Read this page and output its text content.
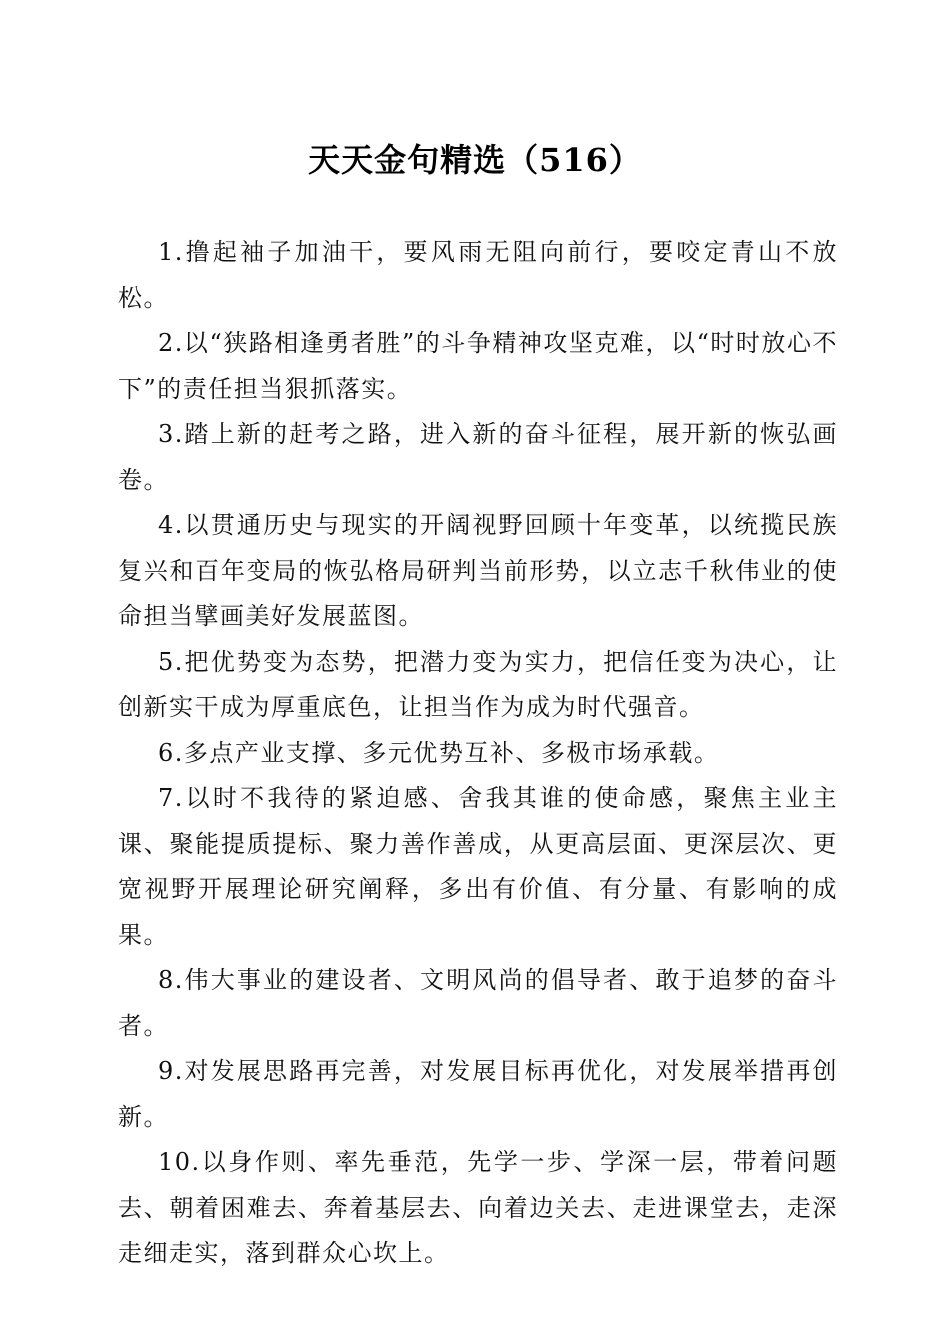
天天金句精选（516）

1.撸起袖子加油干，要风雨无阻向前行，要咬定青山不放松。

2.以“狭路相逢勇者胜”的斗争精神攻坚克难，以“时时放心不下”的责任担当狠抓落实。

3.踏上新的赶考之路，进入新的奋斗征程，展开新的恢弘画卷。

4.以贯通历史与现实的开阔视野回顾十年变革，以统揽民族复兴和百年变局的恢弘格局研判当前形势，以立志千秋伟业的使命担当擘画美好发展蓝图。

5.把优势变为态势，把潜力变为实力，把信任变为决心，让创新实干成为厚重底色，让担当作为成为时代强音。

6.多点产业支撑、多元优势互补、多极市场承载。

7.以时不我待的紧迫感、舍我其谁的使命感，聚焦主业主课、聚能提质提标、聚力善作善成，从更高层面、更深层次、更宽视野开展理论研究阐释，多出有价值、有分量、有影响的成果。

8.伟大事业的建设者、文明风尚的倡导者、敢于追梦的奋斗者。

9.对发展思路再完善，对发展目标再优化，对发展举措再创新。

10.以身作则、率先垂范，先学一步、学深一层，带着问题去、朝着困难去、奔着基层去、向着边关去、走进课堂去，走深走细走实，落到群众心坎上。
